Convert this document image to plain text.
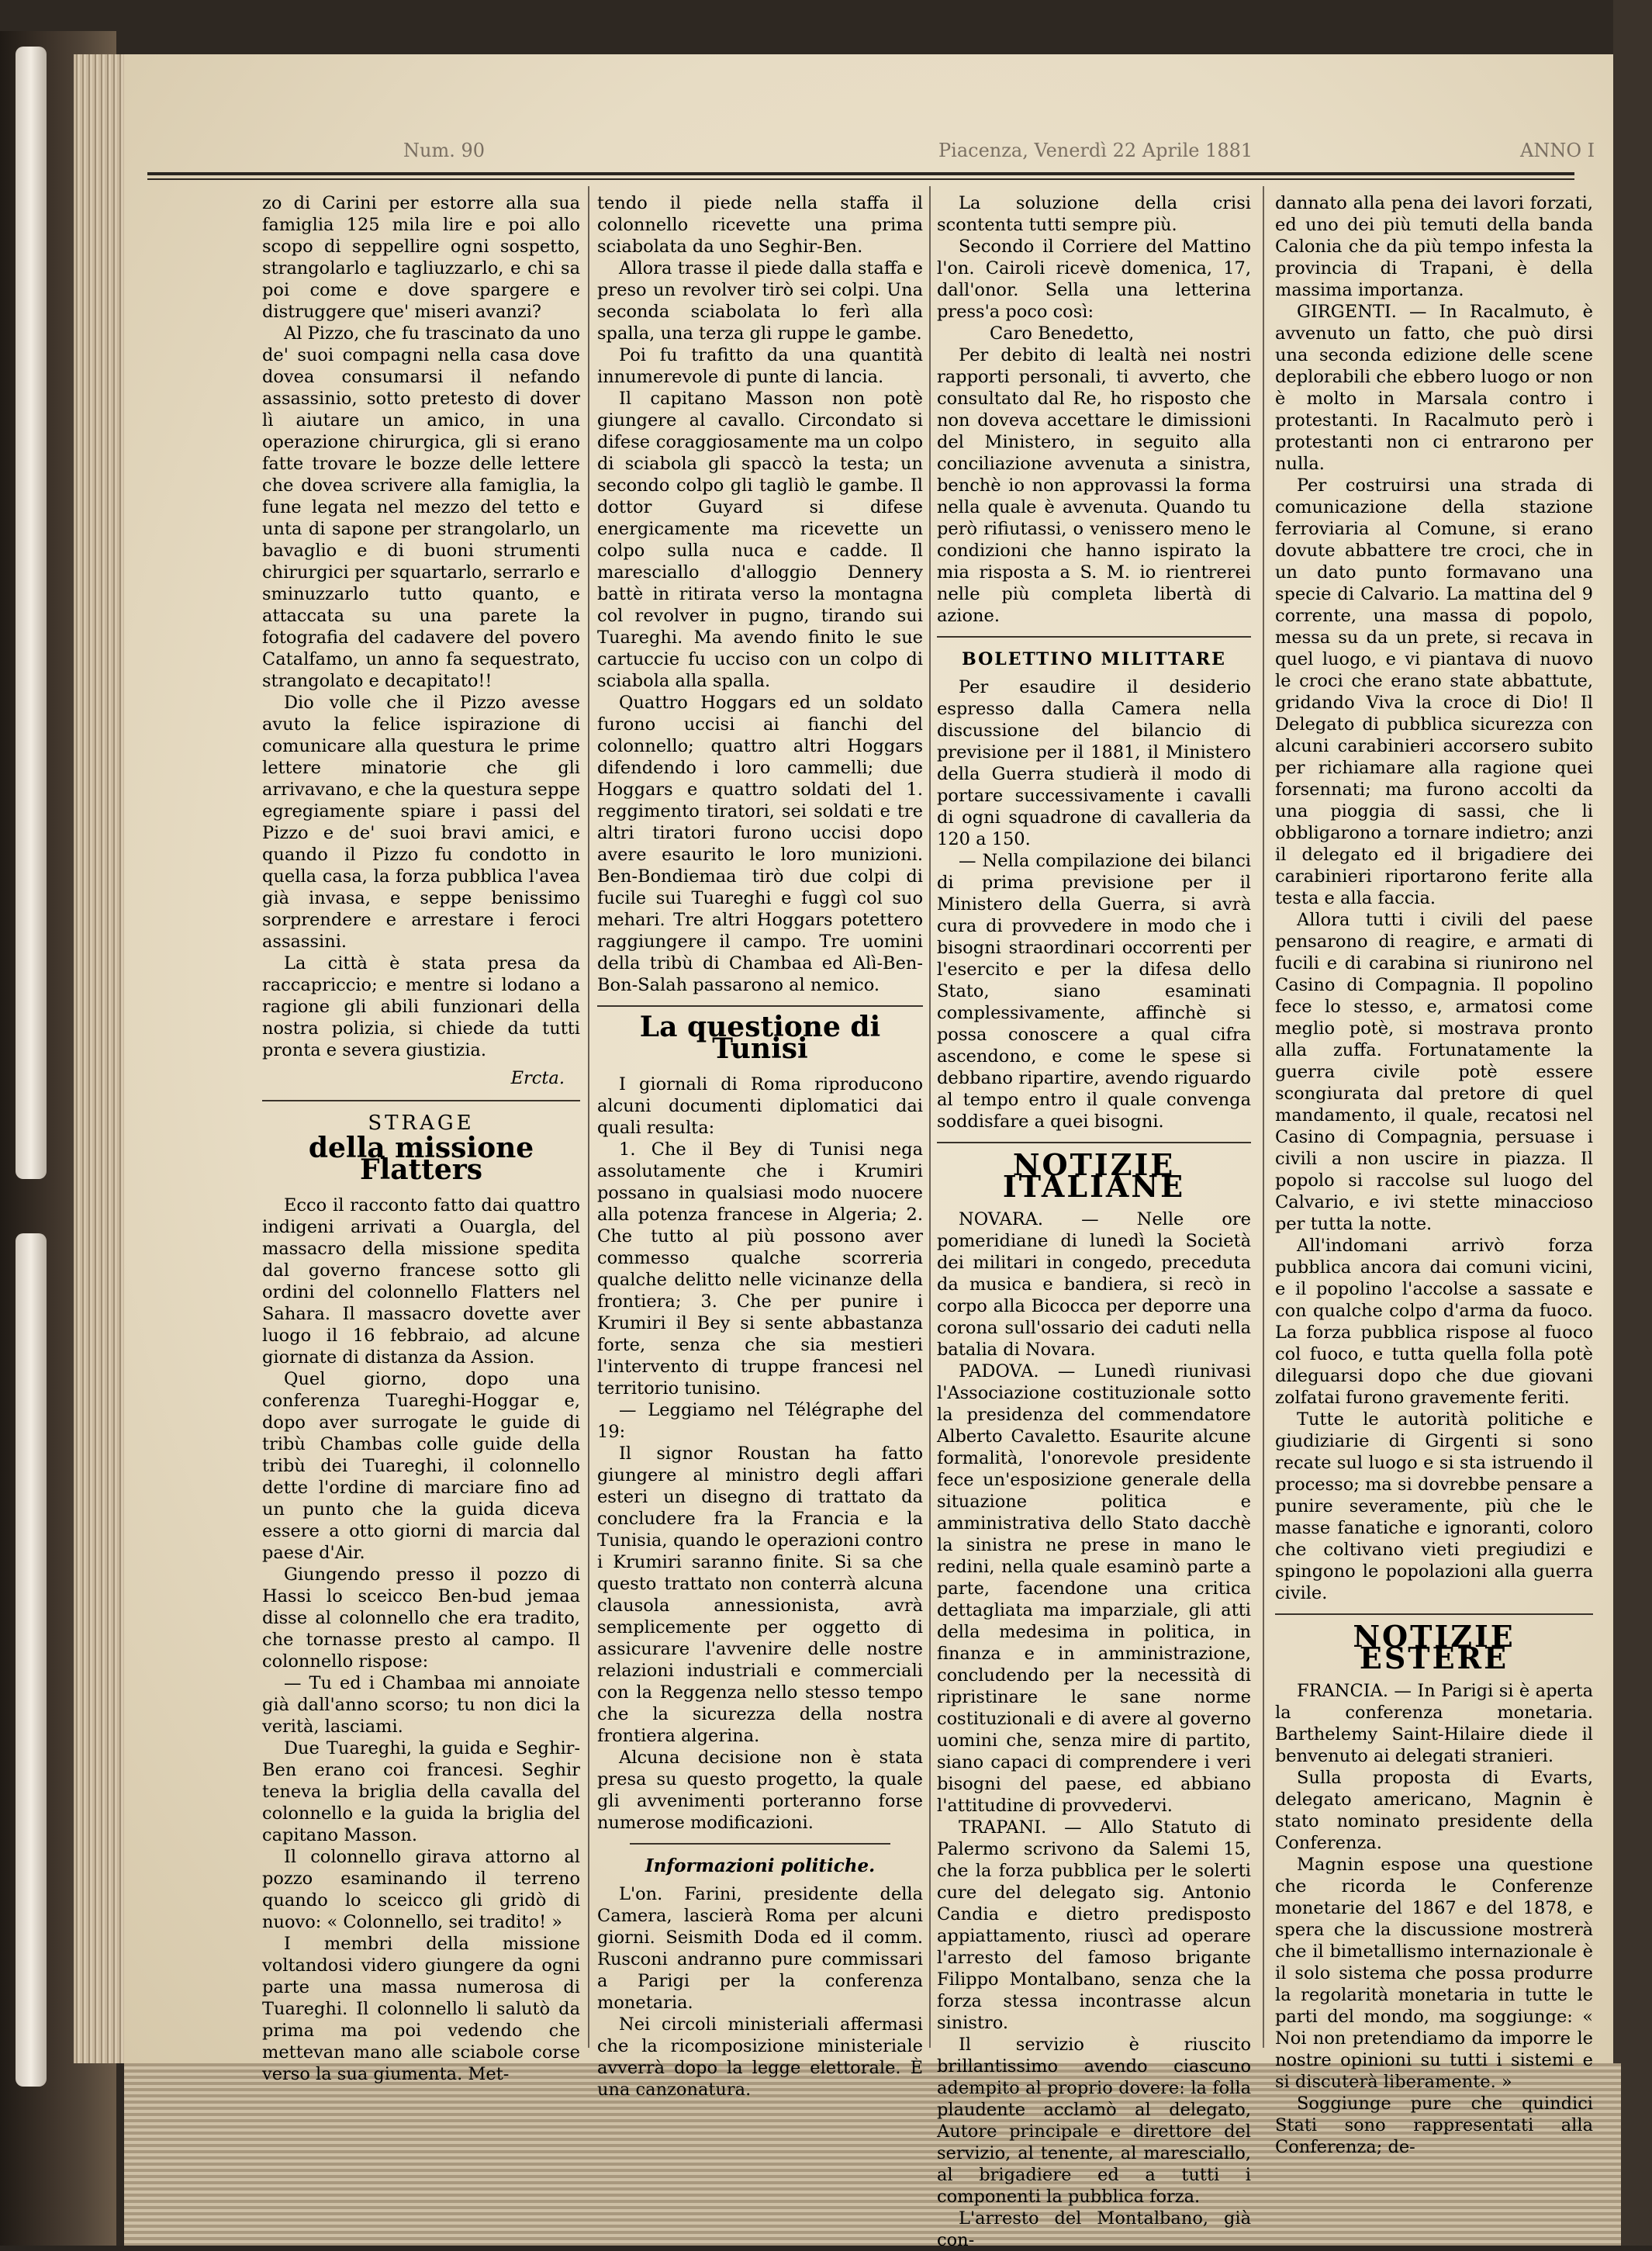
ANNO I
Piacenza, Venerdì 22 Aprile 1881
Num. 90

zo di Carini per estorre alla sua famiglia 125 mila lire e poi allo scopo di seppellire ogni sospetto, strangolarlo e tagliuzzarlo, e chi sa poi come e dove spargere e distruggere que' miseri avanzi?

Al Pizzo, che fu trascinato da uno de' suoi compagni nella casa dove dovea consumarsi il nefando assassinio, sotto pretesto di dover lì aiutare un amico, in una operazione chirurgica, gli si erano fatte trovare le bozze delle lettere che dovea scrivere alla famiglia, la fune legata nel mezzo del tetto e unta di sapone per strangolarlo, un bavaglio e di buoni strumenti chirurgici per squartarlo, serrarlo e sminuzzarlo tutto quanto, e attaccata su una parete la fotografia del cadavere del povero Catalfamo, un anno fa sequestrato, strangolato e decapitato!!

Dio volle che il Pizzo avesse avuto la felice ispirazione di comunicare alla questura le prime lettere minatorie che gli arrivavano, e che la questura seppe egregiamente spiare i passi del Pizzo e de' suoi bravi amici, e quando il Pizzo fu condotto in quella casa, la forza pubblica l'avea già invasa, e seppe benissimo sorprendere e arrestare i feroci assassini.

La città è stata presa da raccapriccio; e mentre si lodano a ragione gli abili funzionari della nostra polizia, si chiede da tutti pronta e severa giustizia.

Ercta.
STRAGE
della missione Flatters

Ecco il racconto fatto dai quattro indigeni arrivati a Ouargla, del massacro della missione spedita dal governo francese sotto gli ordini del colonnello Flatters nel Sahara. Il massacro dovette aver luogo il 16 febbraio, ad alcune giornate di distanza da Assion.

Quel giorno, dopo una conferenza Tuareghi-Hoggar e, dopo aver surrogate le guide di tribù Chambas colle guide della tribù dei Tuareghi, il colonnello dette l'ordine di marciare fino ad un punto che la guida diceva essere a otto giorni di marcia dal paese d'Air.

Giungendo presso il pozzo di Hassi lo sceicco Ben-bud jemaa disse al colonnello che era tradito, che tornasse presto al campo. Il colonnello rispose:

— Tu ed i Chambaa mi annoiate già dall'anno scorso; tu non dici la verità, lasciami.

Due Tuareghi, la guida e Seghir-Ben erano coi francesi. Seghir teneva la briglia della cavalla del colonnello e la guida la briglia del capitano Masson.

Il colonnello girava attorno al pozzo esaminando il terreno quando lo sceicco gli gridò di nuovo: « Colonnello, sei tradito! »

I membri della missione voltandosi videro giungere da ogni parte una massa numerosa di Tuareghi. Il colonnello li salutò da prima ma poi vedendo che mettevan mano alle sciabole corse verso la sua giumenta. Met-

tendo il piede nella staffa il colonnello ricevette una prima sciabolata da uno Seghir-Ben.

Allora trasse il piede dalla staffa e preso un revolver tirò sei colpi. Una seconda sciabolata lo ferì alla spalla, una terza gli ruppe le gambe.

Poi fu trafitto da una quantità innumerevole di punte di lancia.

Il capitano Masson non potè giungere al cavallo. Circondato si difese coraggiosamente ma un colpo di sciabola gli spaccò la testa; un secondo colpo gli tagliò le gambe. Il dottor Guyard si difese energicamente ma ricevette un colpo sulla nuca e cadde. Il maresciallo d'alloggio Dennery battè in ritirata verso la montagna col revolver in pugno, tirando sui Tuareghi. Ma avendo finito le sue cartuccie fu ucciso con un colpo di sciabola alla spalla.

Quattro Hoggars ed un soldato furono uccisi ai fianchi del colonnello; quattro altri Hoggars difendendo i loro cammelli; due Hoggars e quattro soldati del 1. reggimento tiratori, sei soldati e tre altri tiratori furono uccisi dopo avere esaurito le loro munizioni. Ben-Bondiemaa tirò due colpi di fucile sui Tuareghi e fuggì col suo mehari. Tre altri Hoggars potettero raggiungere il campo. Tre uomini della tribù di Chambaa ed Alì-Ben-Bon-Salah passarono al nemico.

La questione di Tunisi

I giornali di Roma riproducono alcuni documenti diplomatici dai quali resulta:

1. Che il Bey di Tunisi nega assolutamente che i Krumiri possano in qualsiasi modo nuocere alla potenza francese in Algeria; 2. Che tutto al più possono aver commesso qualche scorreria qualche delitto nelle vicinanze della frontiera; 3. Che per punire i Krumiri il Bey si sente abbastanza forte, senza che sia mestieri l'intervento di truppe francesi nel territorio tunisino.

— Leggiamo nel Télégraphe del 19:

Il signor Roustan ha fatto giungere al ministro degli affari esteri un disegno di trattato da concludere fra la Francia e la Tunisia, quando le operazioni contro i Krumiri saranno finite. Si sa che questo trattato non conterrà alcuna clausola annessionista, avrà semplicemente per oggetto di assicurare l'avvenire delle nostre relazioni industriali e commerciali con la Reggenza nello stesso tempo che la sicurezza della nostra frontiera algerina.

Alcuna decisione non è stata presa su questo progetto, la quale gli avvenimenti porteranno forse numerose modificazioni.

Informazioni politiche.

L'on. Farini, presidente della Camera, lascierà Roma per alcuni giorni. Seismith Doda ed il comm. Rusconi andranno pure commissari a Parigi per la conferenza monetaria.

Nei circoli ministeriali affermasi che la ricomposizione ministeriale avverrà dopo la legge elettorale. È una canzonatura.

La soluzione della crisi scontenta tutti sempre più.

Secondo il Corriere del Mattino l'on. Cairoli ricevè domenica, 17, dall'onor. Sella una letterina press'a poco così:

Caro Benedetto,

Per debito di lealtà nei nostri rapporti personali, ti avverto, che consultato dal Re, ho risposto che non doveva accettare le dimissioni del Ministero, in seguito alla conciliazione avvenuta a sinistra, benchè io non approvassi la forma nella quale è avvenuta. Quando tu però rifiutassi, o venissero meno le condizioni che hanno ispirato la mia risposta a S. M. io rientrerei nelle più completa libertà di azione.

BOLETTINO MILITTARE

Per esaudire il desiderio espresso dalla Camera nella discussione del bilancio di previsione per il 1881, il Ministero della Guerra studierà il modo di portare successivamente i cavalli di ogni squadrone di cavalleria da 120 a 150.

— Nella compilazione dei bilanci di prima previsione per il Ministero della Guerra, si avrà cura di provvedere in modo che i bisogni straordinari occorrenti per l'esercito e per la difesa dello Stato, siano esaminati complessivamente, affinchè si possa conoscere a qual cifra ascendono, e come le spese si debbano ripartire, avendo riguardo al tempo entro il quale convenga soddisfare a quei bisogni.

NOTIZIE ITALIANE

NOVARA. — Nelle ore pomeridiane di lunedì la Società dei militari in congedo, preceduta da musica e bandiera, si recò in corpo alla Bicocca per deporre una corona sull'ossario dei caduti nella batalia di Novara.

PADOVA. — Lunedì riunivasi l'Associazione costituzionale sotto la presidenza del commendatore Alberto Cavaletto. Esaurite alcune formalità, l'onorevole presidente fece un'esposizione generale della situazione politica e amministrativa dello Stato dacchè la sinistra ne prese in mano le redini, nella quale esaminò parte a parte, facendone una critica dettagliata ma imparziale, gli atti della medesima in politica, in finanza e in amministrazione, concludendo per la necessità di ripristinare le sane norme costituzionali e di avere al governo uomini che, senza mire di partito, siano capaci di comprendere i veri bisogni del paese, ed abbiano l'attitudine di provvedervi.

TRAPANI. — Allo Statuto di Palermo scrivono da Salemi 15, che la forza pubblica per le solerti cure del delegato sig. Antonio Candia e dietro predisposto appiattamento, riuscì ad operare l'arresto del famoso brigante Filippo Montalbano, senza che la forza stessa incontrasse alcun sinistro.

Il servizio è riuscito brillantissimo avendo ciascuno adempito al proprio dovere: la folla plaudente acclamò al delegato, Autore principale e direttore del servizio, al tenente, al maresciallo, al brigadiere ed a tutti i componenti la pubblica forza.

L'arresto del Montalbano, già con-

dannato alla pena dei lavori forzati, ed uno dei più temuti della banda Calonia che da più tempo infesta la provincia di Trapani, è della massima importanza.

GIRGENTI. — In Racalmuto, è avvenuto un fatto, che può dirsi una seconda edizione delle scene deplorabili che ebbero luogo or non è molto in Marsala contro i protestanti. In Racalmuto però i protestanti non ci entrarono per nulla.

Per costruirsi una strada di comunicazione della stazione ferroviaria al Comune, si erano dovute abbattere tre croci, che in un dato punto formavano una specie di Calvario. La mattina del 9 corrente, una massa di popolo, messa su da un prete, si recava in quel luogo, e vi piantava di nuovo le croci che erano state abbattute, gridando Viva la croce di Dio! Il Delegato di pubblica sicurezza con alcuni carabinieri accorsero subito per richiamare alla ragione quei forsennati; ma furono accolti da una pioggia di sassi, che li obbligarono a tornare indietro; anzi il delegato ed il brigadiere dei carabinieri riportarono ferite alla testa e alla faccia.

Allora tutti i civili del paese pensarono di reagire, e armati di fucili e di carabina si riunirono nel Casino di Compagnia. Il popolino fece lo stesso, e, armatosi come meglio potè, si mostrava pronto alla zuffa. Fortunatamente la guerra civile potè essere scongiurata dal pretore di quel mandamento, il quale, recatosi nel Casino di Compagnia, persuase i civili a non uscire in piazza. Il popolo si raccolse sul luogo del Calvario, e ivi stette minaccioso per tutta la notte.

All'indomani arrivò forza pubblica ancora dai comuni vicini, e il popolino l'accolse a sassate e con qualche colpo d'arma da fuoco. La forza pubblica rispose al fuoco col fuoco, e tutta quella folla potè dileguarsi dopo che due giovani zolfatai furono gravemente feriti.

Tutte le autorità politiche e giudiziarie di Girgenti si sono recate sul luogo e si sta istruendo il processo; ma si dovrebbe pensare a punire severamente, più che le masse fanatiche e ignoranti, coloro che coltivano vieti pregiudizi e spingono le popolazioni alla guerra civile.

NOTIZIE ESTERE

FRANCIA. — In Parigi si è aperta la conferenza monetaria. Barthelemy Saint-Hilaire diede il benvenuto ai delegati stranieri.

Sulla proposta di Evarts, delegato americano, Magnin è stato nominato presidente della Conferenza.

Magnin espose una questione che ricorda le Conferenze monetarie del 1867 e del 1878, e spera che la discussione mostrerà che il bimetallismo internazionale è il solo sistema che possa produrre la regolarità monetaria in tutte le parti del mondo, ma soggiunge: « Noi non pretendiamo da imporre le nostre opinioni su tutti i sistemi e si discuterà liberamente. »

Soggiunge pure che quindici Stati sono rappresentati alla Conferenza; de-
